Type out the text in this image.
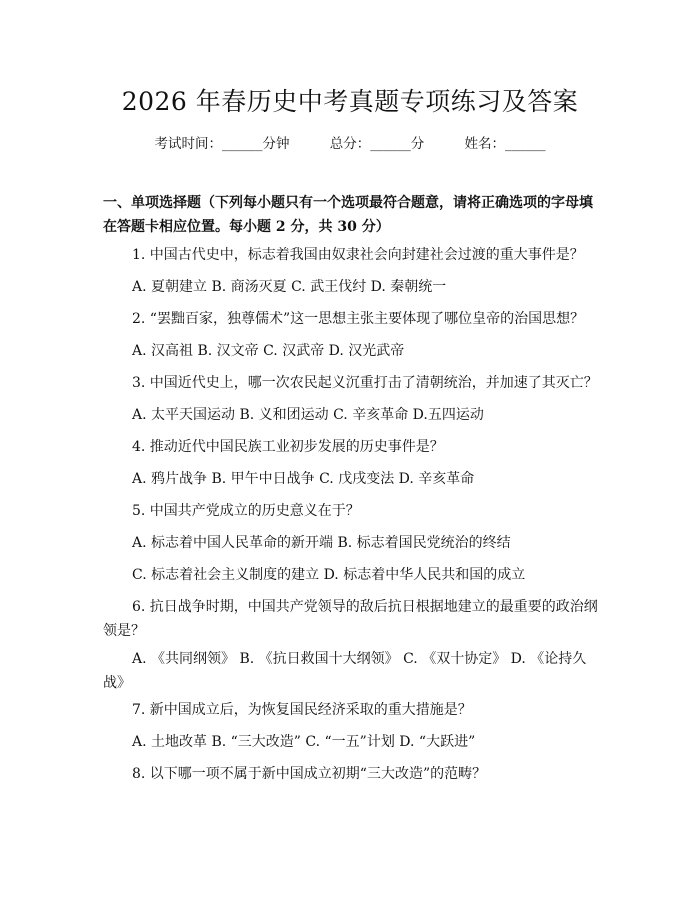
2026 年春历史中考真题专项练习及答案
考试时间：______分钟	总分：______分	姓名：______
一、单项选择题（下列每小题只有一个选项最符合题意，请将正确选项的字母填在答题卡相应位置。每小题 2 分，共 30 分）
1. 中国古代史中，标志着我国由奴隶社会向封建社会过渡的重大事件是？
A. 夏朝建立 B. 商汤灭夏 C. 武王伐纣 D. 秦朝统一
2. “罢黜百家，独尊儒术”这一思想主张主要体现了哪位皇帝的治国思想？
A. 汉高祖 B. 汉文帝 C. 汉武帝 D. 汉光武帝
3. 中国近代史上，哪一次农民起义沉重打击了清朝统治，并加速了其灭亡？
A. 太平天国运动 B. 义和团运动 C. 辛亥革命 D.五四运动
4. 推动近代中国民族工业初步发展的历史事件是？
A. 鸦片战争 B. 甲午中日战争 C. 戊戌变法 D. 辛亥革命
5. 中国共产党成立的历史意义在于？
A. 标志着中国人民革命的新开端 B. 标志着国民党统治的终结
C. 标志着社会主义制度的建立 D. 标志着中华人民共和国的成立
6. 抗日战争时期，中国共产党领导的敌后抗日根据地建立的最重要的政治纲领是？
A. 《共同纲领》 B. 《抗日救国十大纲领》 C. 《双十协定》 D. 《论持久战》
7. 新中国成立后，为恢复国民经济采取的重大措施是？
A. 土地改革 B. “三大改造” C. “一五”计划 D. “大跃进”
8. 以下哪一项不属于新中国成立初期“三大改造”的范畴？
